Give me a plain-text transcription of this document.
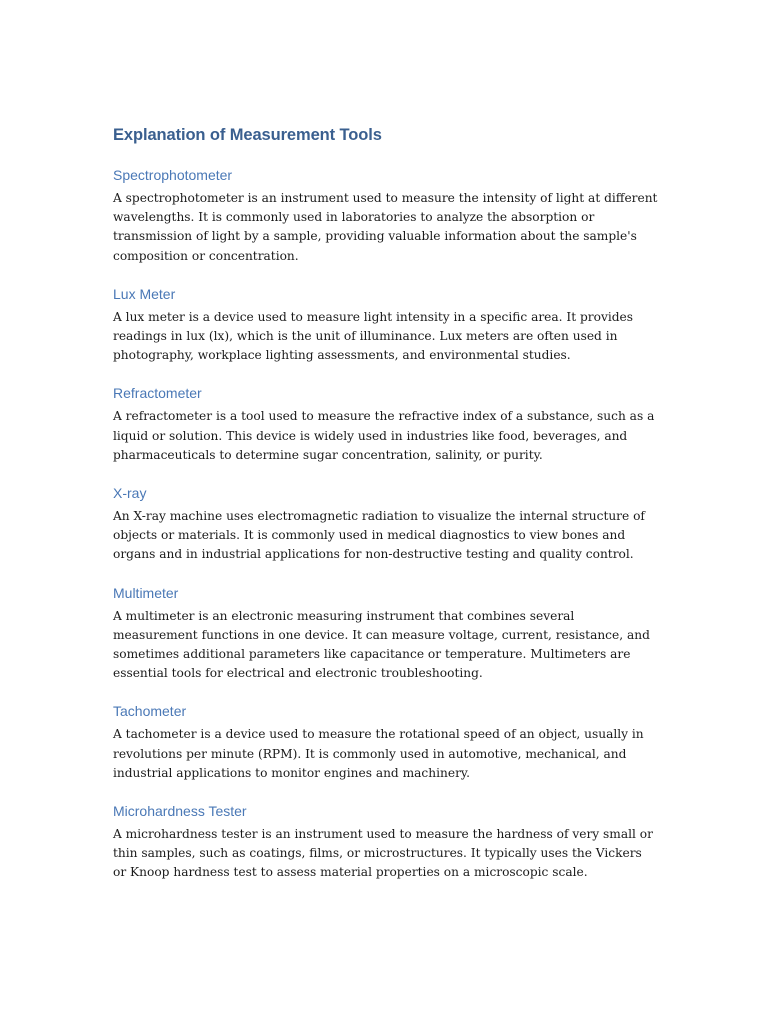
Explanation of Measurement Tools
Spectrophotometer

A spectrophotometer is an instrument used to measure the intensity of light at different wavelengths. It is commonly used in laboratories to analyze the absorption or transmission of light by a sample, providing valuable information about the sample's composition or concentration.

Lux Meter

A lux meter is a device used to measure light intensity in a specific area. It provides readings in lux (lx), which is the unit of illuminance. Lux meters are often used in photography, workplace lighting assessments, and environmental studies.

Refractometer

A refractometer is a tool used to measure the refractive index of a substance, such as a liquid or solution. This device is widely used in industries like food, beverages, and pharmaceuticals to determine sugar concentration, salinity, or purity.

X-ray

An X-ray machine uses electromagnetic radiation to visualize the internal structure of objects or materials. It is commonly used in medical diagnostics to view bones and organs and in industrial applications for non-destructive testing and quality control.

Multimeter

A multimeter is an electronic measuring instrument that combines several measurement functions in one device. It can measure voltage, current, resistance, and sometimes additional parameters like capacitance or temperature. Multimeters are essential tools for electrical and electronic troubleshooting.

Tachometer

A tachometer is a device used to measure the rotational speed of an object, usually in revolutions per minute (RPM). It is commonly used in automotive, mechanical, and industrial applications to monitor engines and machinery.

Microhardness Tester

A microhardness tester is an instrument used to measure the hardness of very small or thin samples, such as coatings, films, or microstructures. It typically uses the Vickers or Knoop hardness test to assess material properties on a microscopic scale.
